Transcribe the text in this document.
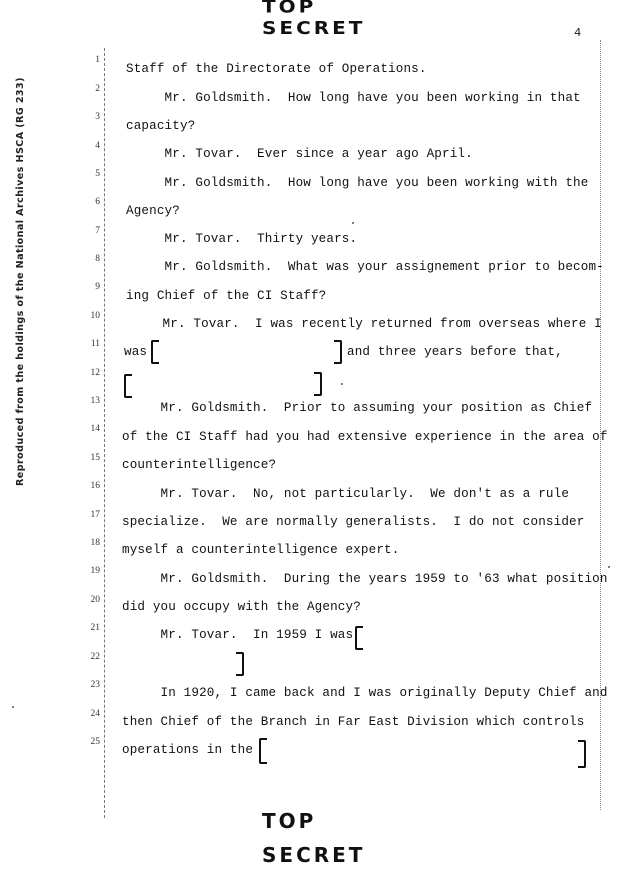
TOP SECRET	4
Reproduced from the holdings of the National Archives HSCA (RG 233)
1
2
3
4
5
6
7
8
9
10
11
12
13
14
15
16
17
18
19
20
21
22
23
24
25
Staff of the Directorate of Operations.
Mr. Goldsmith.  How long have you been working in that
capacity?
Mr. Tovar.  Ever since a year ago April.
Mr. Goldsmith.  How long have you been working with the
Agency?
Mr. Tovar.  Thirty years.
Mr. Goldsmith.  What was your assignement prior to becom-
ing Chief of the CI Staff?
Mr. Tovar.  I was recently returned from overseas where I
was	and three years before that,
Mr. Goldsmith.  Prior to assuming your position as Chief
of the CI Staff had you had extensive experience in the area of
counterintelligence?
Mr. Tovar.  No, not particularly.  We don't as a rule
specialize.  We are normally generalists.  I do not consider
myself a counterintelligence expert.
Mr. Goldsmith.  During the years 1959 to '63 what position
did you occupy with the Agency?
Mr. Tovar.  In 1959 I was
In 1920, I came back and I was originally Deputy Chief and
then Chief of the Branch in Far East Division which controls
operations in the
TOP SECRET
